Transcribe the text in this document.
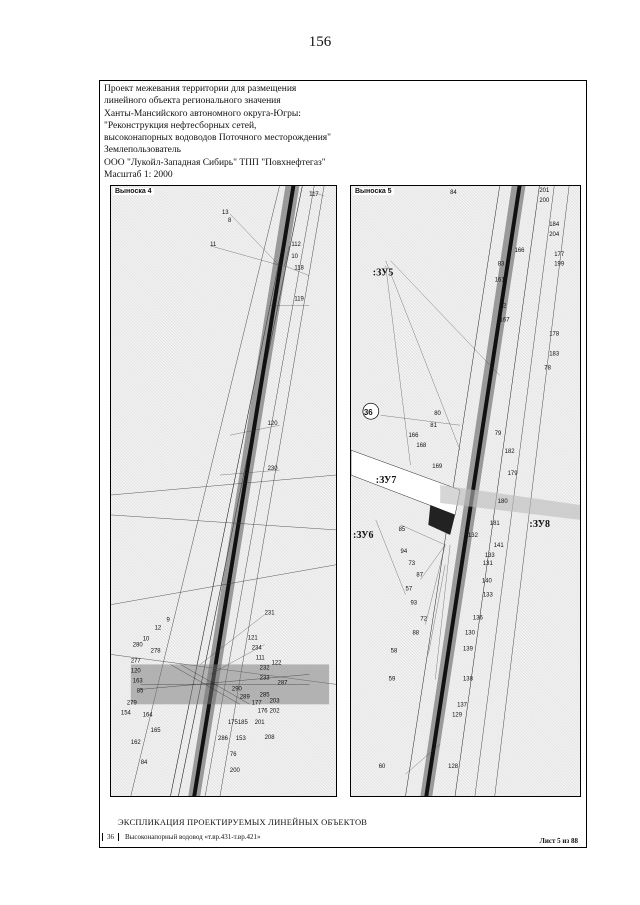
156
Проект межевания территории для размещения
линейного объекта регионального значения
Ханты-Мансийского автономного округа-Югры:
"Реконструкция нефтесборных сетей,
высоконапорных водоводов Поточного месторождения"
Землепользователь
ООО "Лукойл-Западная Сибирь" ТПП "Повхнефтегаз"
Масштаб 1: 2000
117
13
8
11	112
10
118
119
120
230
231
121
234
111
232
122
233
287
9
12
280
10
278
277
120
163
85
279
154 164
165
162
84
290
289 285
177 203
176 202
175 185 201
286 153	208
76
200
Выноска 4	84	201
200
184
204
166
177
199
83
161
82
167
178
183
78
80
81
166	79
168
182
169
179
180
181
85
132
141
94
133
73	131
87
140
57
133
93
72	136
88	130
58	139
138
59
137
129
60	128
:ЗУ5
:ЗУ7
:ЗУ6
:ЗУ8
36
Выноска 5
ЭКСПЛИКАЦИЯ ПРОЕКТИРУЕМЫХ ЛИНЕЙНЫХ ОБЪЕКТОВ
36	Высоконапорный водовод «т.вр.431-т.вр.421»	Лист 5 из 88
